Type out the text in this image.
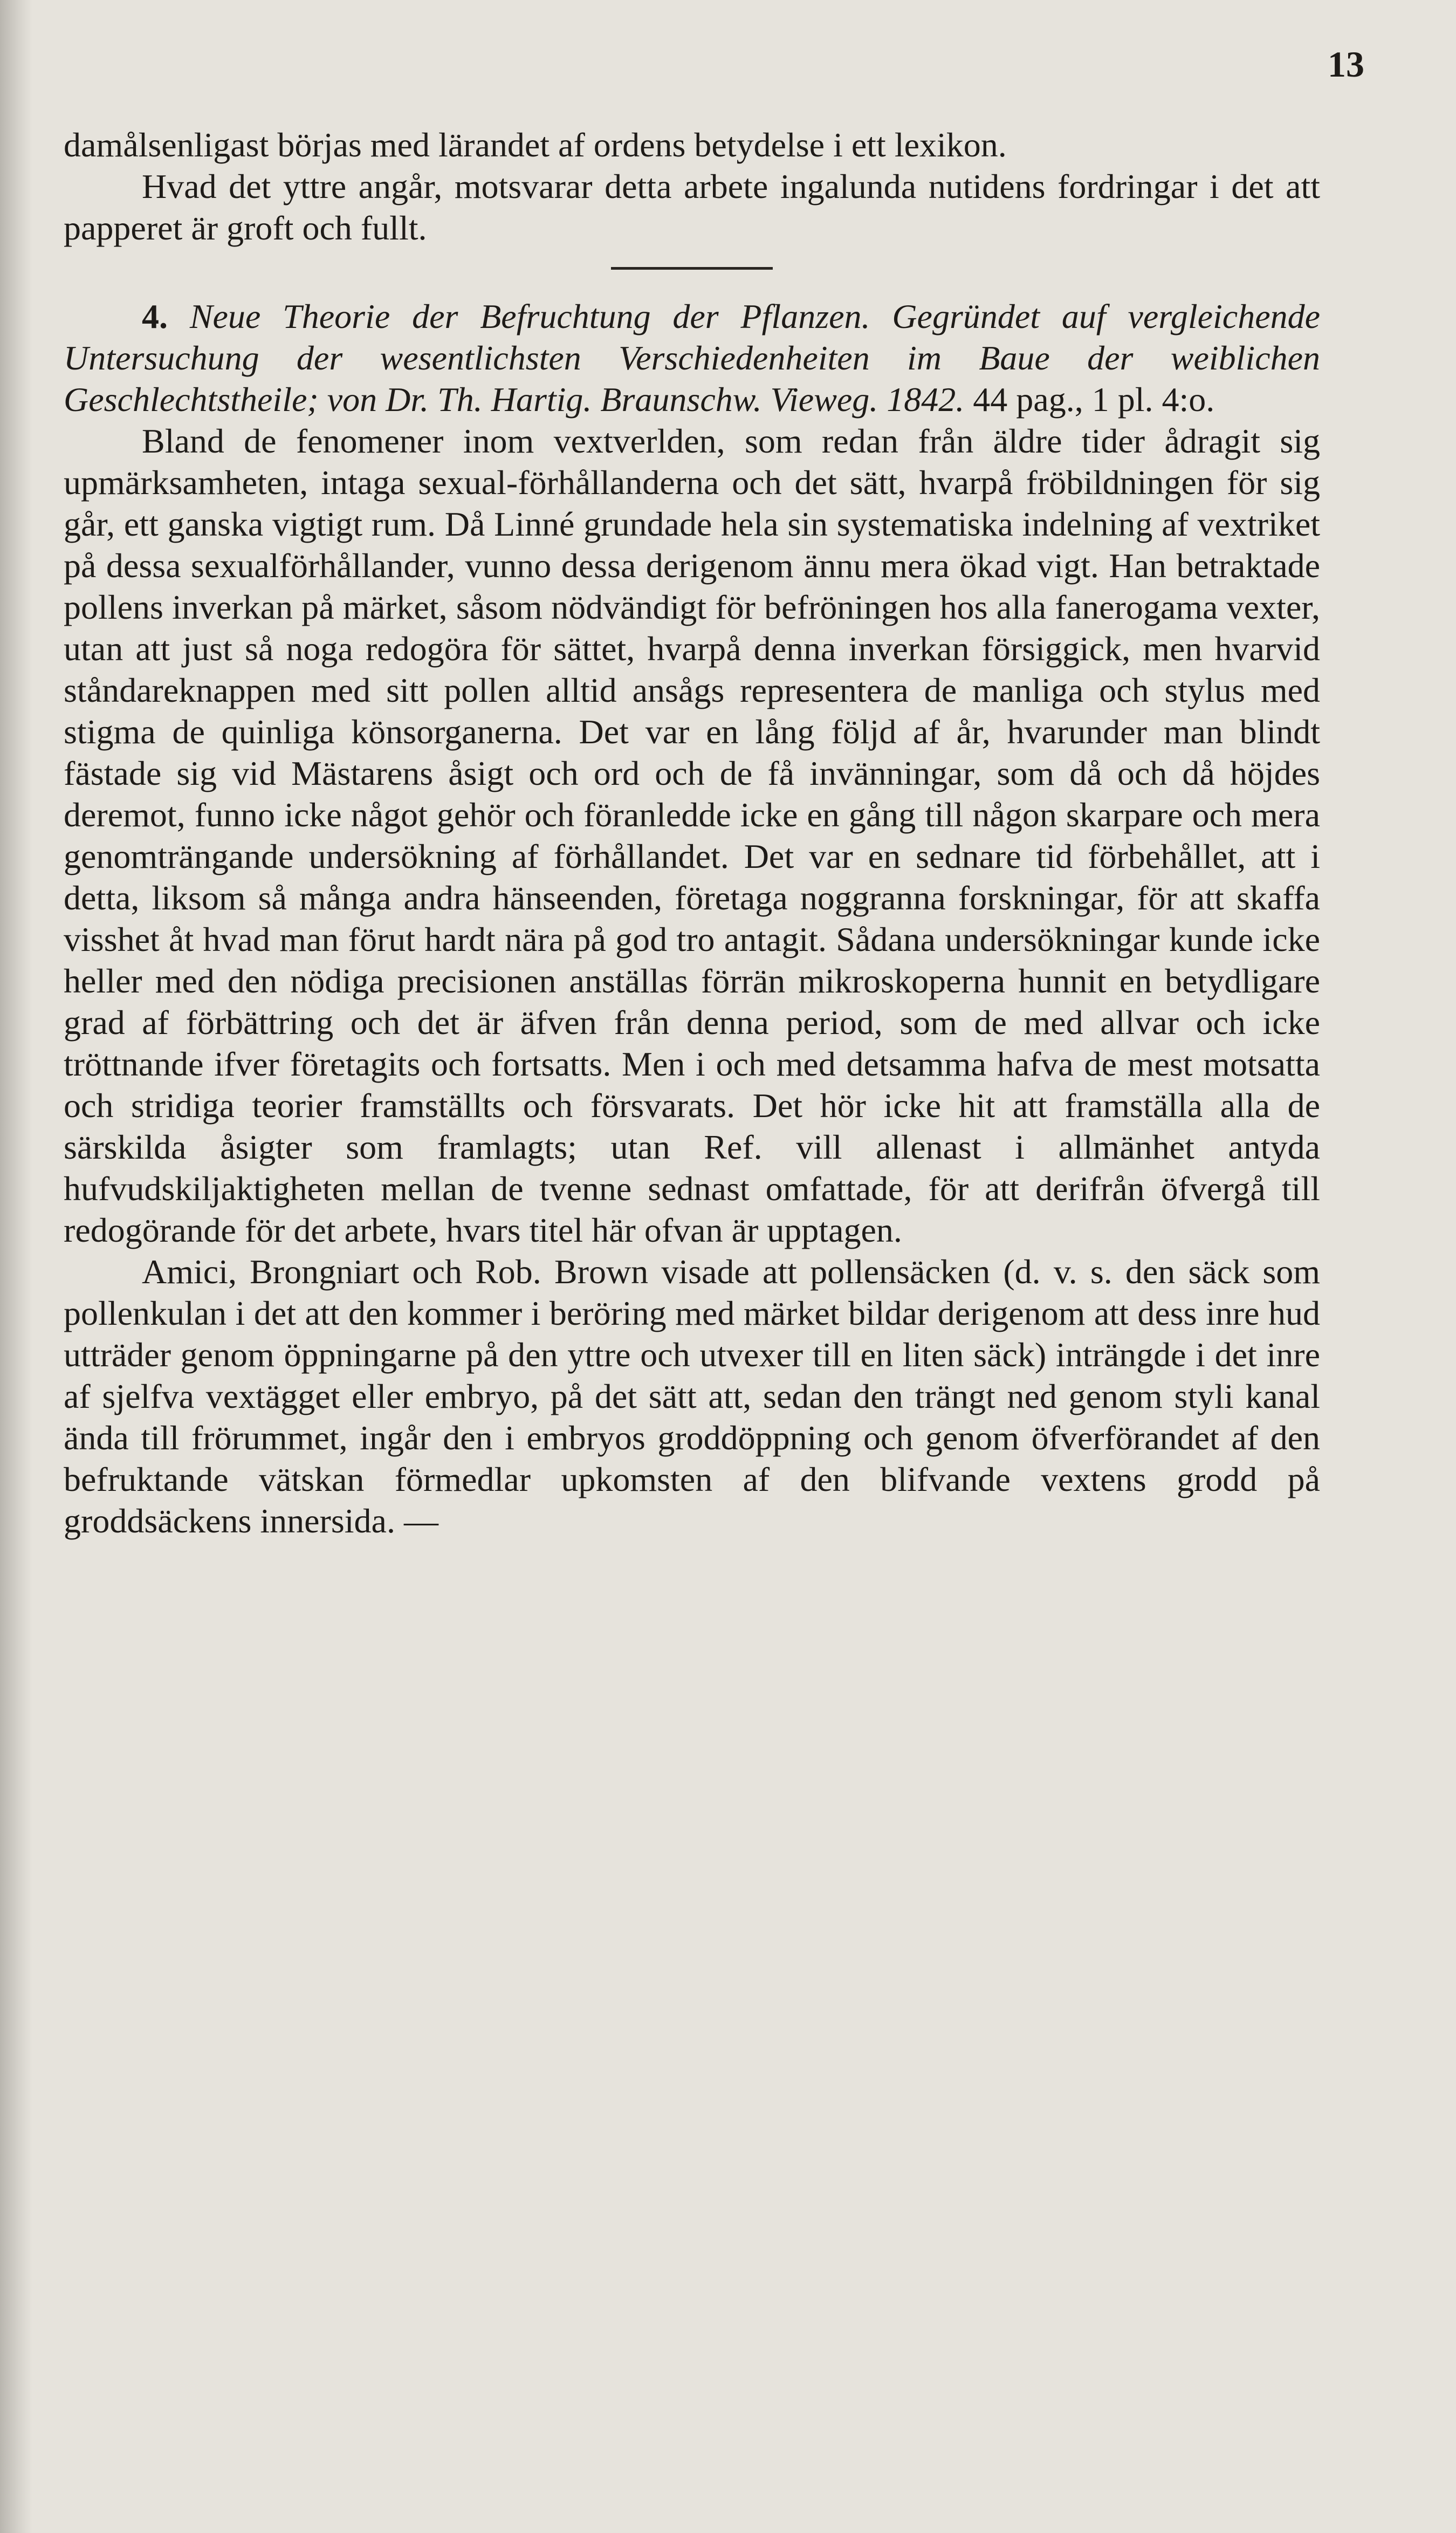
13

damålsenligast börjas med lärandet af ordens betydelse i ett lexikon.

Hvad det yttre angår, motsvarar detta arbete ingalunda nutidens fordringar i det att papperet är groft och fullt.

4. Neue Theorie der Befruchtung der Pflanzen. Gegründet auf vergleichende Untersuchung der wesentlichsten Verschiedenheiten im Baue der weiblichen Geschlechtstheile; von Dr. Th. Hartig. Braunschw. Vieweg. 1842. 44 pag., 1 pl. 4:o.

Bland de fenomener inom vextverlden, som redan från äldre tider ådragit sig upmärksamheten, intaga sexual-förhållanderna och det sätt, hvarpå fröbildningen för sig går, ett ganska vigtigt rum. Då Linné grundade hela sin systematiska indelning af vextriket på dessa sexualförhållander, vunno dessa derigenom ännu mera ökad vigt. Han betraktade pollens inverkan på märket, såsom nödvändigt för befröningen hos alla fanerogama vexter, utan att just så noga redogöra för sättet, hvarpå denna inverkan försiggick, men hvarvid ståndareknappen med sitt pollen alltid ansågs representera de manliga och stylus med stigma de quinliga könsorganerna. Det var en lång följd af år, hvarunder man blindt fästade sig vid Mästarens åsigt och ord och de få invänningar, som då och då höjdes deremot, funno icke något gehör och föranledde icke en gång till någon skarpare och mera genomträngande undersökning af förhållandet. Det var en sednare tid förbehållet, att i detta, liksom så många andra hänseenden, företaga noggranna forskningar, för att skaffa visshet åt hvad man förut hardt nära på god tro antagit. Sådana undersökningar kunde icke heller med den nödiga precisionen anställas förrän mikroskoperna hunnit en betydligare grad af förbättring och det är äfven från denna period, som de med allvar och icke tröttnande ifver företagits och fortsatts. Men i och med detsamma hafva de mest motsatta och stridiga teorier framställts och försvarats. Det hör icke hit att framställa alla de särskilda åsigter som framlagts; utan Ref. vill allenast i allmänhet antyda hufvudskiljaktigheten mellan de tvenne sednast omfattade, för att derifrån öfvergå till redogörande för det arbete, hvars titel här ofvan är upptagen.

Amici, Brongniart och Rob. Brown visade att pollensäcken (d. v. s. den säck som pollenkulan i det att den kommer i beröring med märket bildar derigenom att dess inre hud utträder genom öppningarne på den yttre och utvexer till en liten säck) inträngde i det inre af sjelfva vextägget eller embryo, på det sätt att, sedan den trängt ned genom styli kanal ända till frörummet, ingår den i embryos groddöppning och genom öfverförandet af den befruktande vätskan förmedlar upkomsten af den blifvande vextens grodd på groddsäckens innersida. —
